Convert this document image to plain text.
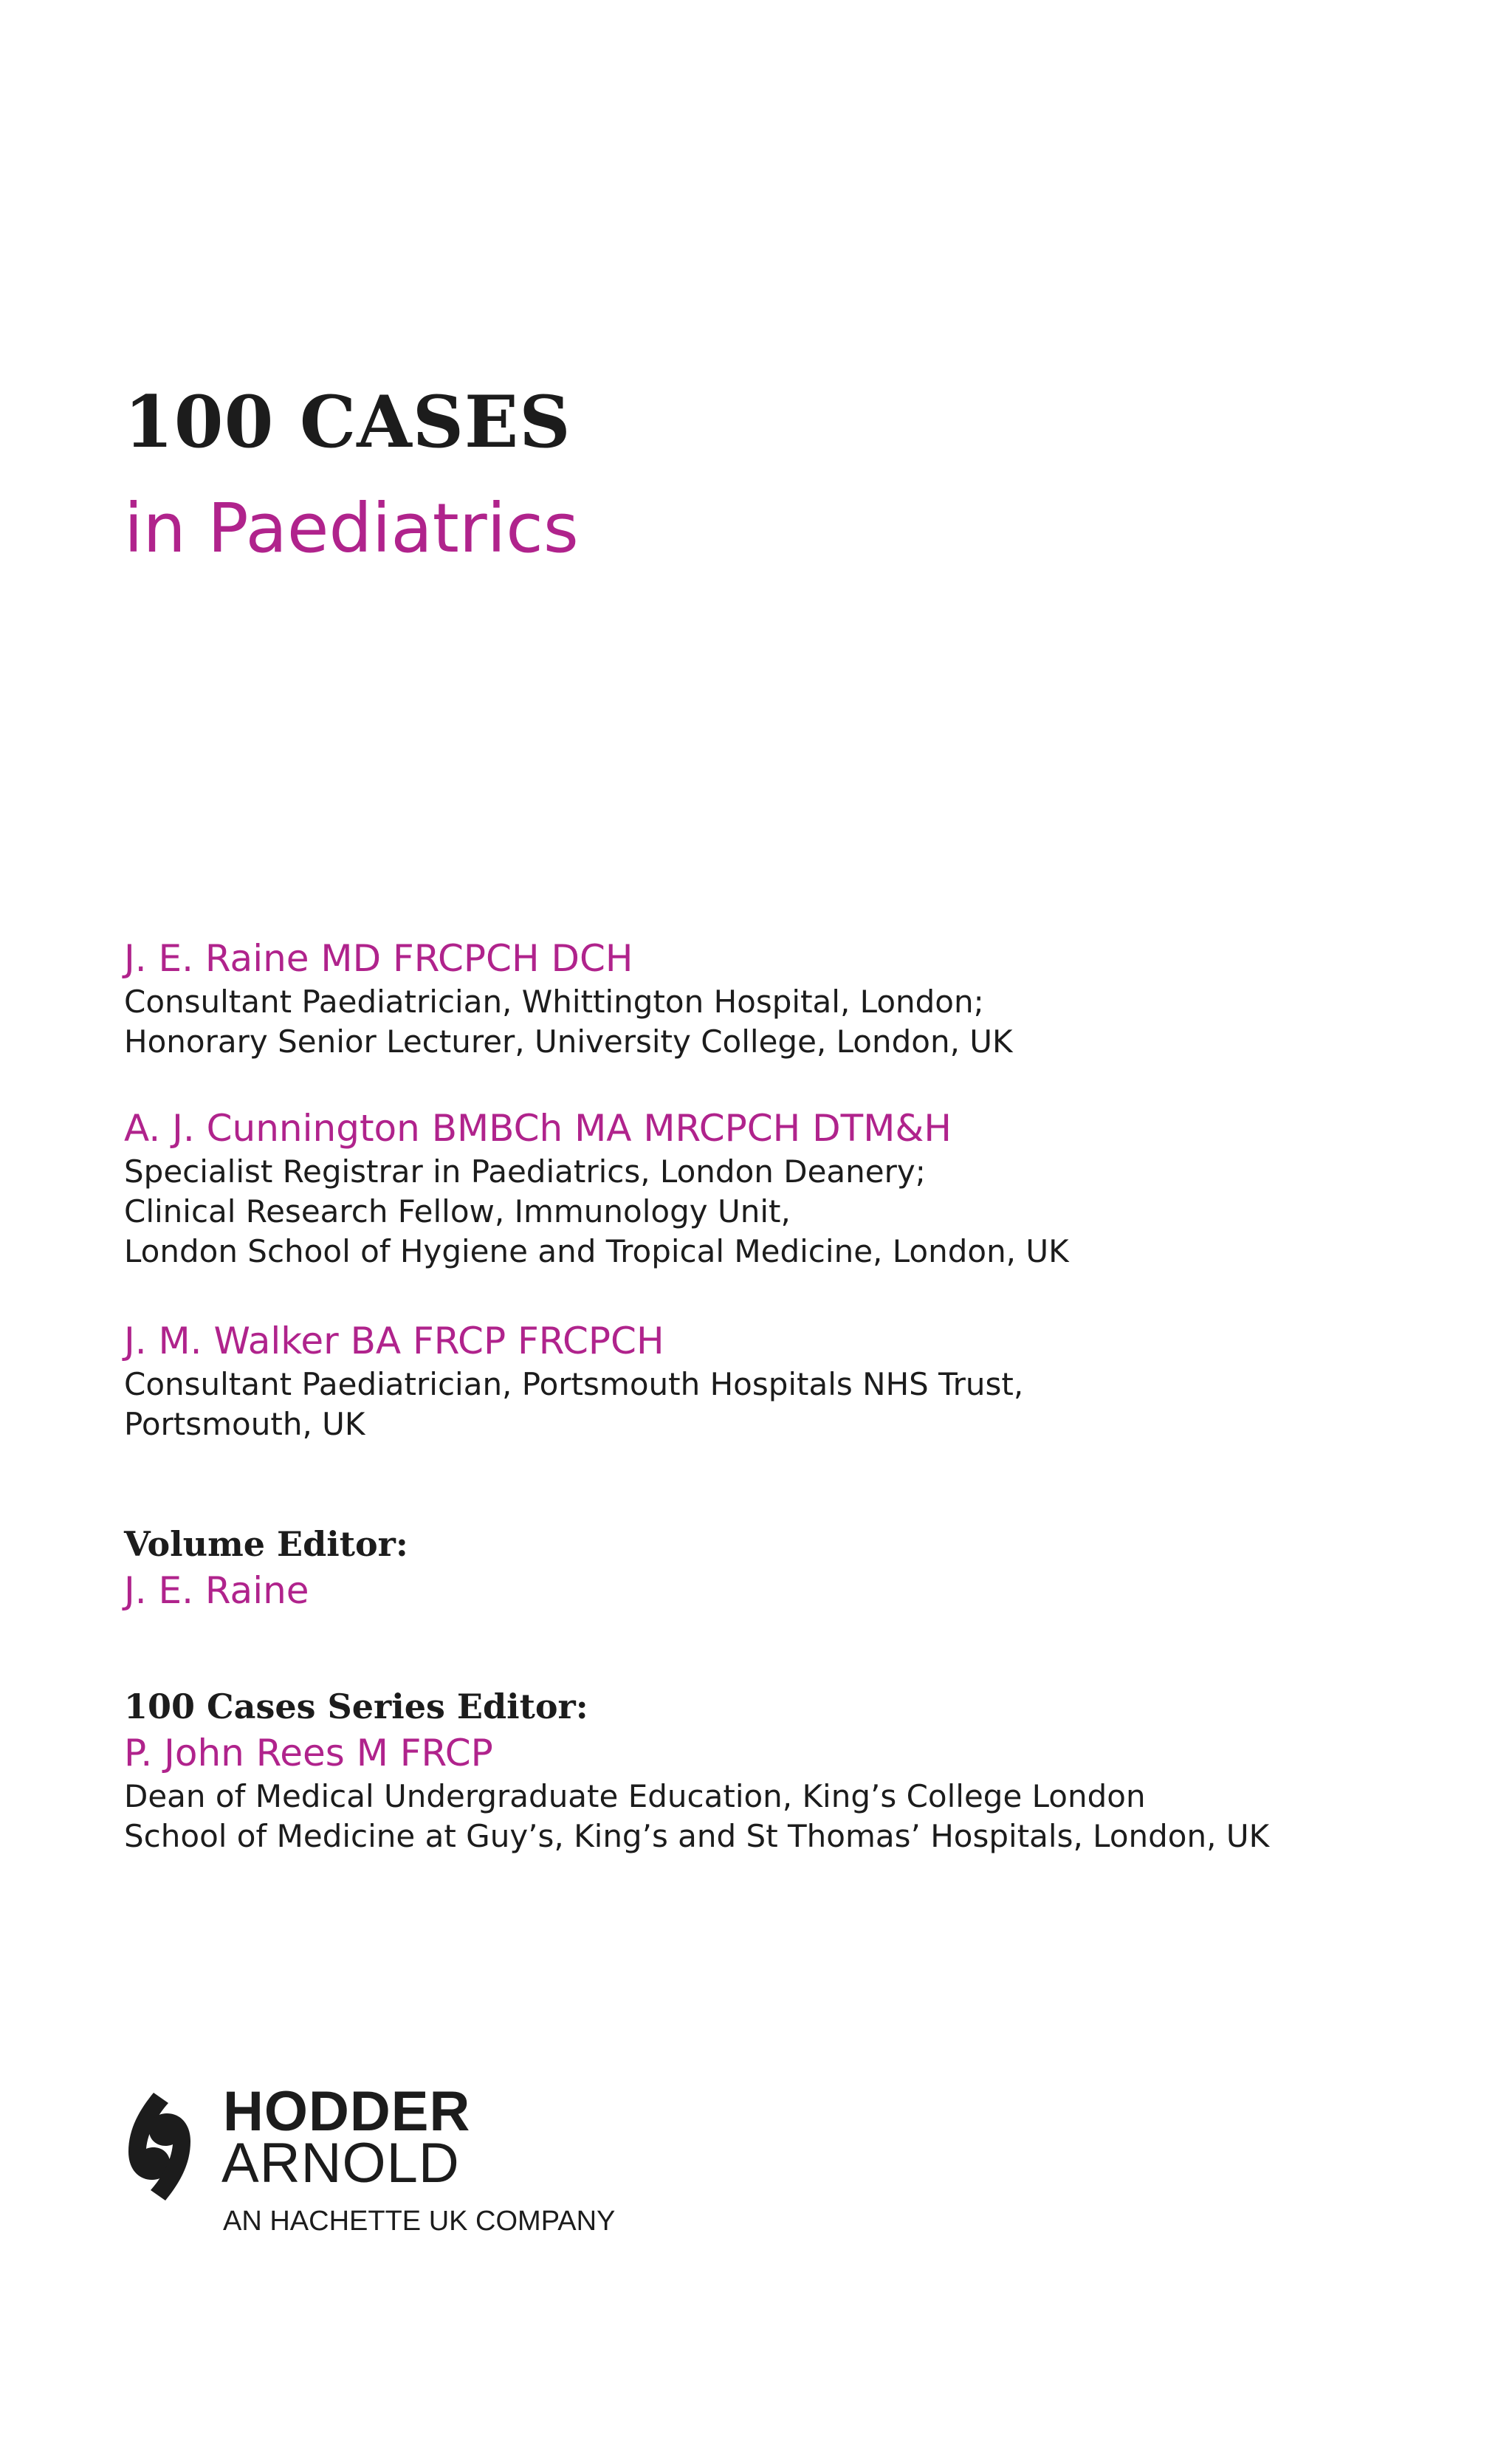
100 CASES
in Paediatrics
J. E. Raine MD FRCPCH DCH
Consultant Paediatrician, Whittington Hospital, London;
Honorary Senior Lecturer, University College, London, UK
A. J. Cunnington BMBCh MA MRCPCH DTM&H
Specialist Registrar in Paediatrics, London Deanery;
Clinical Research Fellow, Immunology Unit,
London School of Hygiene and Tropical Medicine, London, UK
J. M. Walker BA FRCP FRCPCH
Consultant Paediatrician, Portsmouth Hospitals NHS Trust,
Portsmouth, UK
Volume Editor:
J. E. Raine
100 Cases Series Editor:
P. John Rees M FRCP
Dean of Medical Undergraduate Education, King’s College London
School of Medicine at Guy’s, King’s and St Thomas’ Hospitals, London, UK
HODDER
ARNOLD
AN HACHETTE UK COMPANY
